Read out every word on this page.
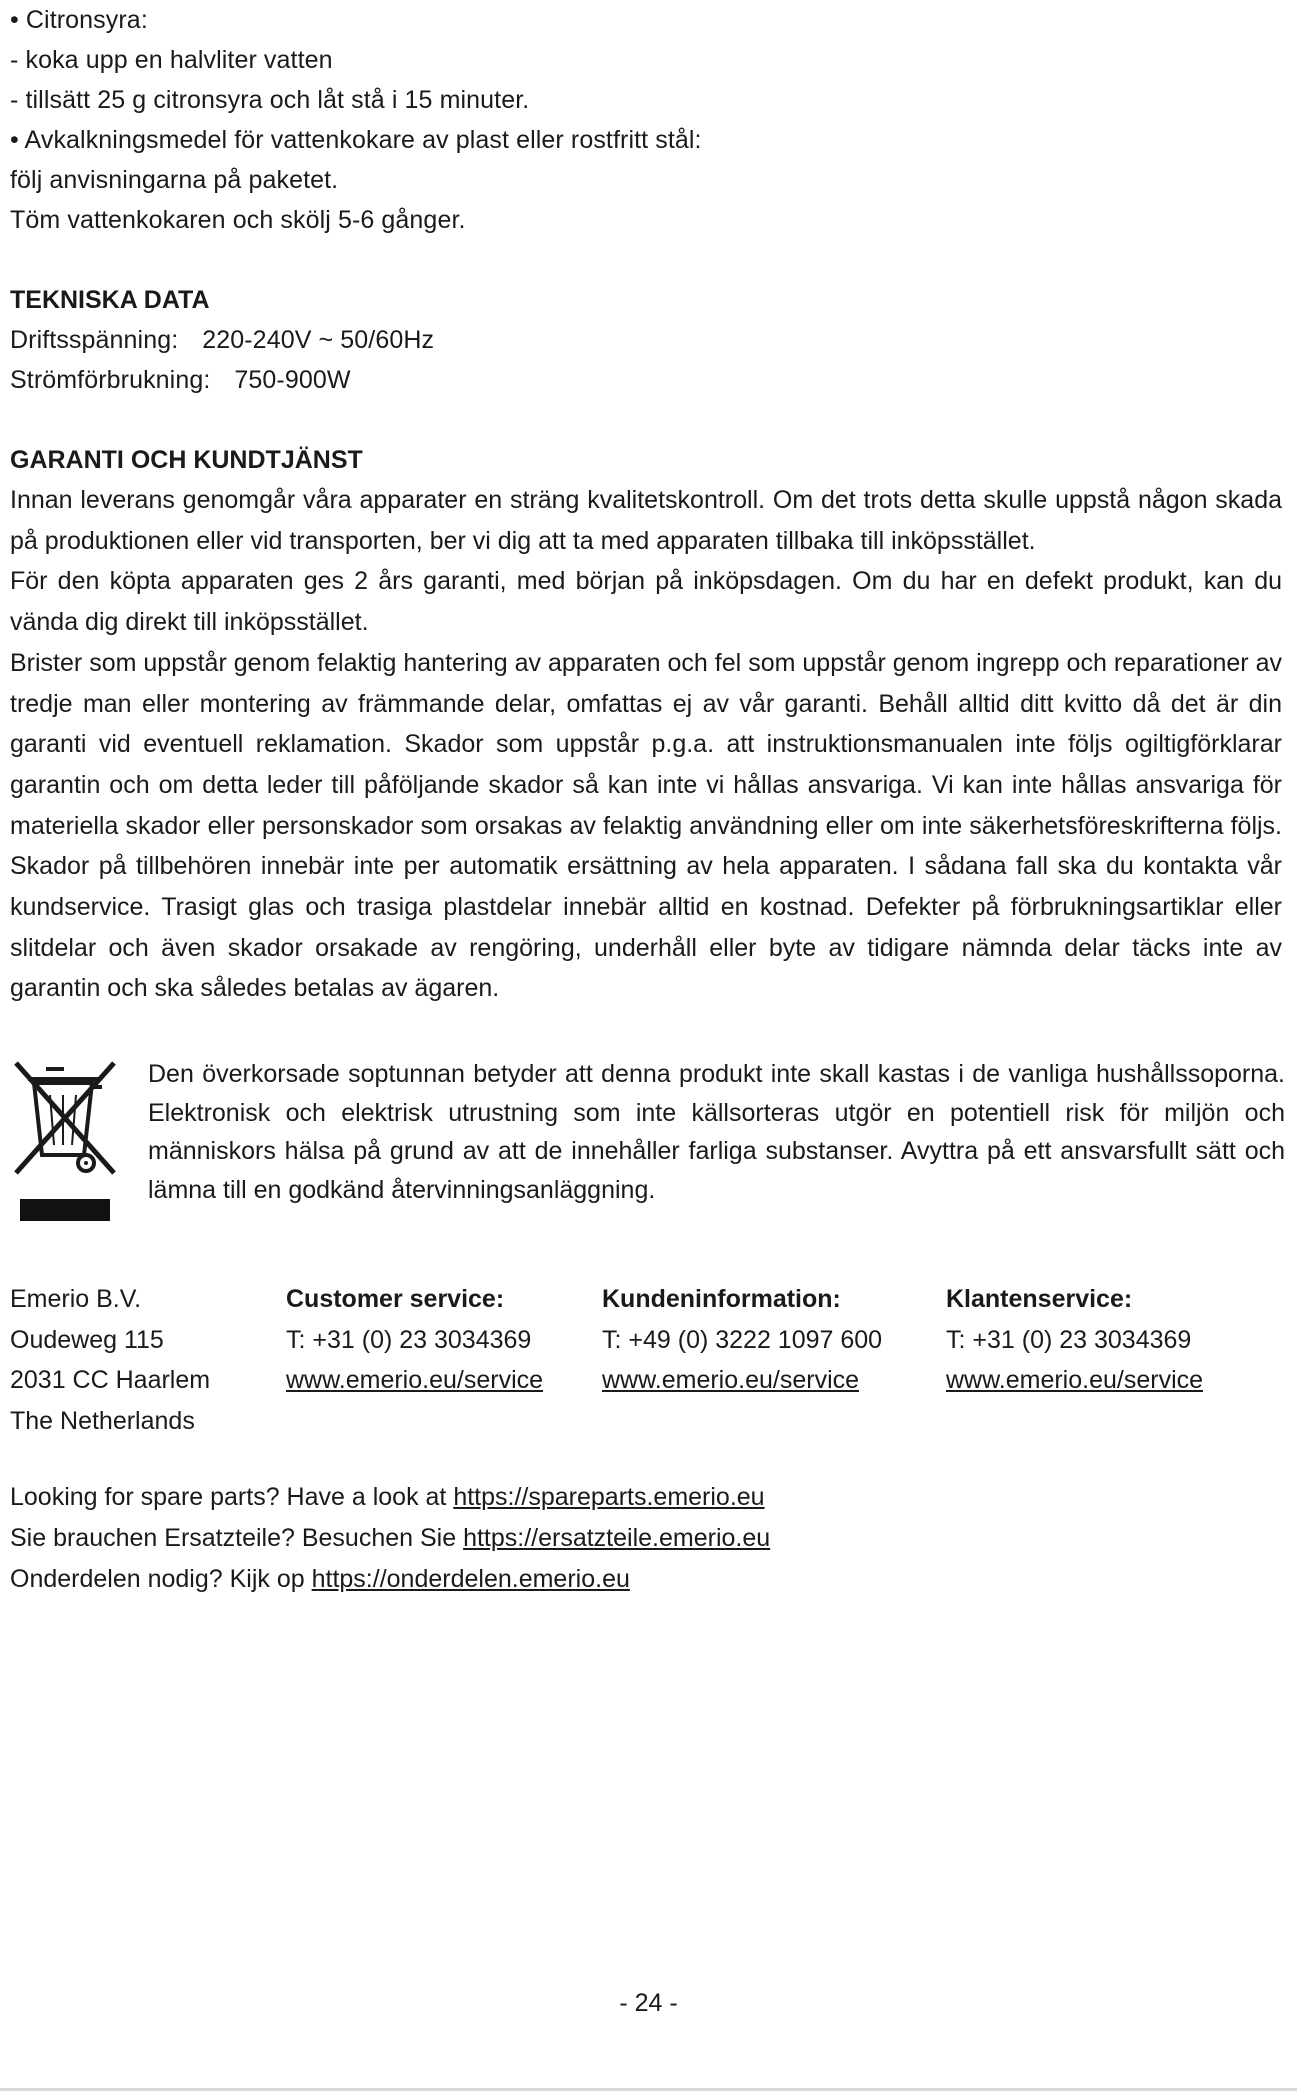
• Citronsyra:
- koka upp en halvliter vatten
- tillsätt 25 g citronsyra och låt stå i 15 minuter.
• Avkalkningsmedel för vattenkokare av plast eller rostfritt stål:
följ anvisningarna på paketet.
Töm vattenkokaren och skölj 5-6 gånger.
TEKNISKA DATA
Driftsspänning: 220-240V ~ 50/60Hz
Strömförbrukning: 750-900W
GARANTI OCH KUNDTJÄNST
Innan leverans genomgår våra apparater en sträng kvalitetskontroll. Om det trots detta skulle uppstå någon skada på produktionen eller vid transporten, ber vi dig att ta med apparaten tillbaka till inköpsstället.
För den köpta apparaten ges 2 års garanti, med början på inköpsdagen. Om du har en defekt produkt, kan du vända dig direkt till inköpsstället.
Brister som uppstår genom felaktig hantering av apparaten och fel som uppstår genom ingrepp och reparationer av tredje man eller montering av främmande delar, omfattas ej av vår garanti. Behåll alltid ditt kvitto då det är din garanti vid eventuell reklamation. Skador som uppstår p.g.a. att instruktionsmanualen inte följs ogiltigförklarar garantin och om detta leder till påföljande skador så kan inte vi hållas ansvariga. Vi kan inte hållas ansvariga för materiella skador eller personskador som orsakas av felaktig användning eller om inte säkerhetsföreskrifterna följs. Skador på tillbehören innebär inte per automatik ersättning av hela apparaten. I sådana fall ska du kontakta vår kundservice. Trasigt glas och trasiga plastdelar innebär alltid en kostnad. Defekter på förbrukningsartiklar eller slitdelar och även skador orsakade av rengöring, underhåll eller byte av tidigare nämnda delar täcks inte av garantin och ska således betalas av ägaren.
Den överkorsade soptunnan betyder att denna produkt inte skall kastas i de vanliga hushållssoporna. Elektronisk och elektrisk utrustning som inte källsorteras utgör en potentiell risk för miljön och människors hälsa på grund av att de innehåller farliga substanser. Avyttra på ett ansvarsfullt sätt och lämna till en godkänd återvinningsanläggning.
Emerio B.V.
Oudeweg 115
2031 CC Haarlem
The Netherlands
Customer service:
T: +31 (0) 23 3034369
www.emerio.eu/service
Kundeninformation:
T: +49 (0) 3222 1097 600
www.emerio.eu/service
Klantenservice:
T: +31 (0) 23 3034369
www.emerio.eu/service
Looking for spare parts? Have a look at https://spareparts.emerio.eu
Sie brauchen Ersatzteile? Besuchen Sie https://ersatzteile.emerio.eu
Onderdelen nodig? Kijk op https://onderdelen.emerio.eu
- 24 -
